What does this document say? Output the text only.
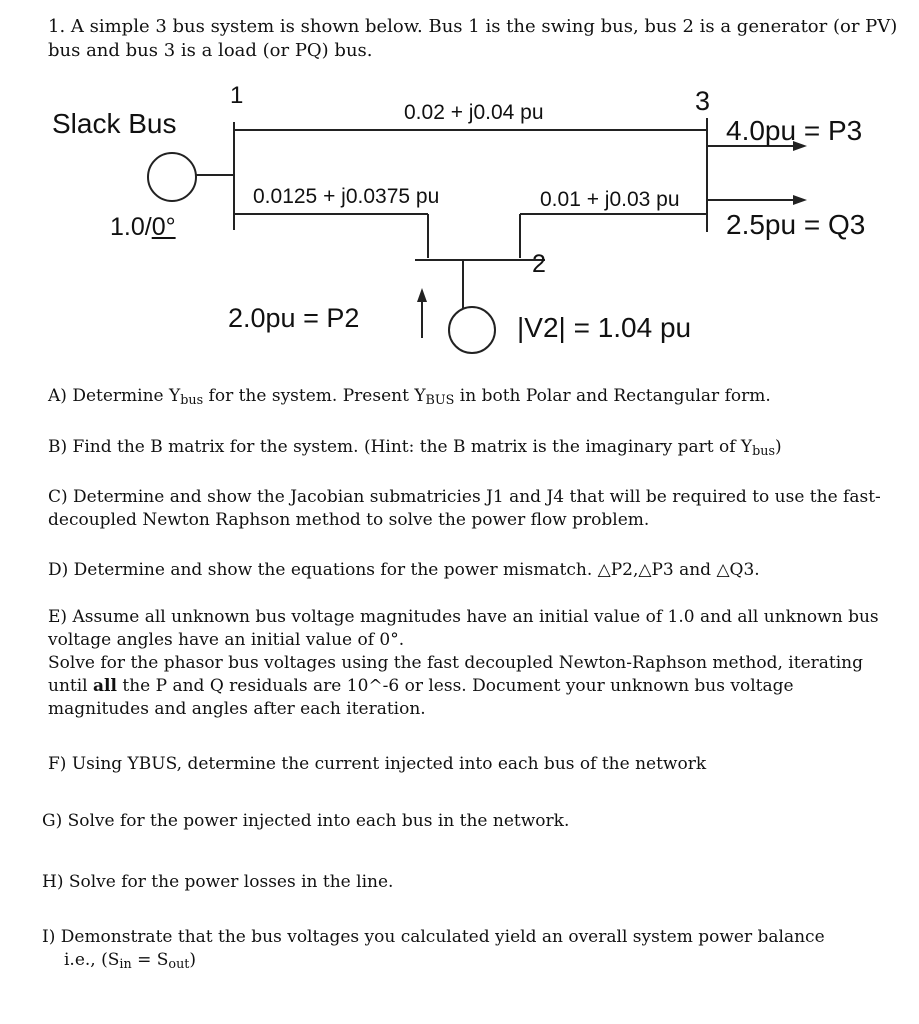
1. A simple 3 bus system is shown below. Bus 1 is the swing bus, bus 2 is a generator (or PV) bus and bus 3 is a load (or PQ) bus.
Slack Bus
1	3
2
0.02 + j0.04 pu
0.0125 + j0.0375 pu	0.01 + j0.03 pu
1.0/0°
4.0pu = P3
2.5pu = Q3
2.0pu = P2	|V2| = 1.04 pu
A) Determine $Y_{bus}$ for the system. Present $Y_{BUS}$ in both Polar and Rectangular form.
B) Find the B matrix for the system. (Hint: the B matrix is the imaginary part of $Y_{bus}$)
C) Determine and show the Jacobian submatricies J1 and J4 that will be required to use the fast-decoupled Newton Raphson method to solve the power flow problem.
D) Determine and show the equations for the power mismatch. △P2,△P3 and △Q3.
E) Assume all unknown bus voltage magnitudes have an initial value of 1.0 and all unknown bus voltage angles have an initial value of 0°.
Solve for the phasor bus voltages using the fast decoupled Newton-Raphson method, iterating until all the P and Q residuals are 10^-6 or less. Document your unknown bus voltage magnitudes and angles after each iteration.
F) Using YBUS, determine the current injected into each bus of the network
G) Solve for the power injected into each bus in the network.
H) Solve for the power losses in the line.
I) Demonstrate that the bus voltages you calculated yield an overall system power balance
i.e., $(S_{in} = S_{out})$
